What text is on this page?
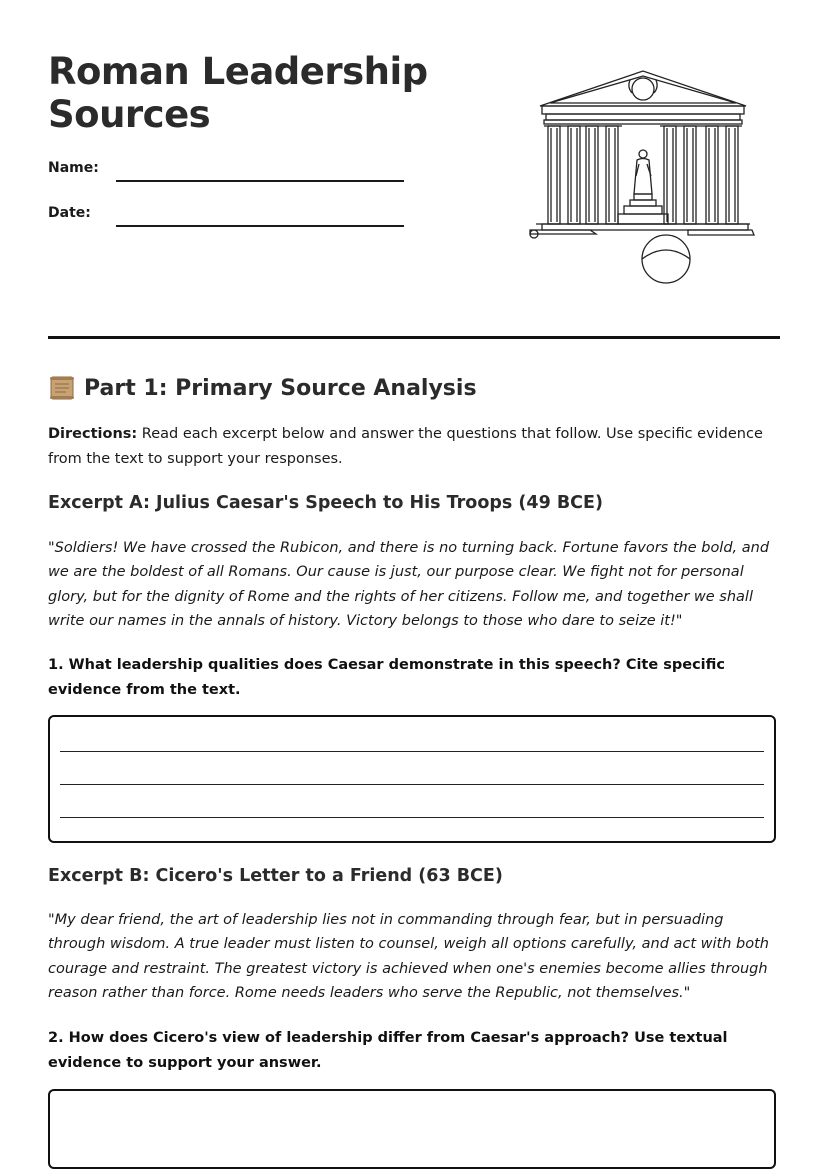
Roman Leadership
Sources
Name:
Date:
Part 1: Primary Source Analysis

Directions: Read each excerpt below and answer the questions that follow. Use specific evidence from the text to support your responses.

Excerpt A: Julius Caesar's Speech to His Troops (49 BCE)

"Soldiers! We have crossed the Rubicon, and there is no turning back. Fortune favors the bold, and we are the boldest of all Romans. Our cause is just, our purpose clear. We fight not for personal glory, but for the dignity of Rome and the rights of her citizens. Follow me, and together we shall write our names in the annals of history. Victory belongs to those who dare to seize it!"

1. What leadership qualities does Caesar demonstrate in this speech? Cite specific evidence from the text.

Excerpt B: Cicero's Letter to a Friend (63 BCE)

"My dear friend, the art of leadership lies not in commanding through fear, but in persuading through wisdom. A true leader must listen to counsel, weigh all options carefully, and act with both courage and restraint. The greatest victory is achieved when one's enemies become allies through reason rather than force. Rome needs leaders who serve the Republic, not themselves."

2. How does Cicero's view of leadership differ from Caesar's approach? Use textual evidence to support your answer.
